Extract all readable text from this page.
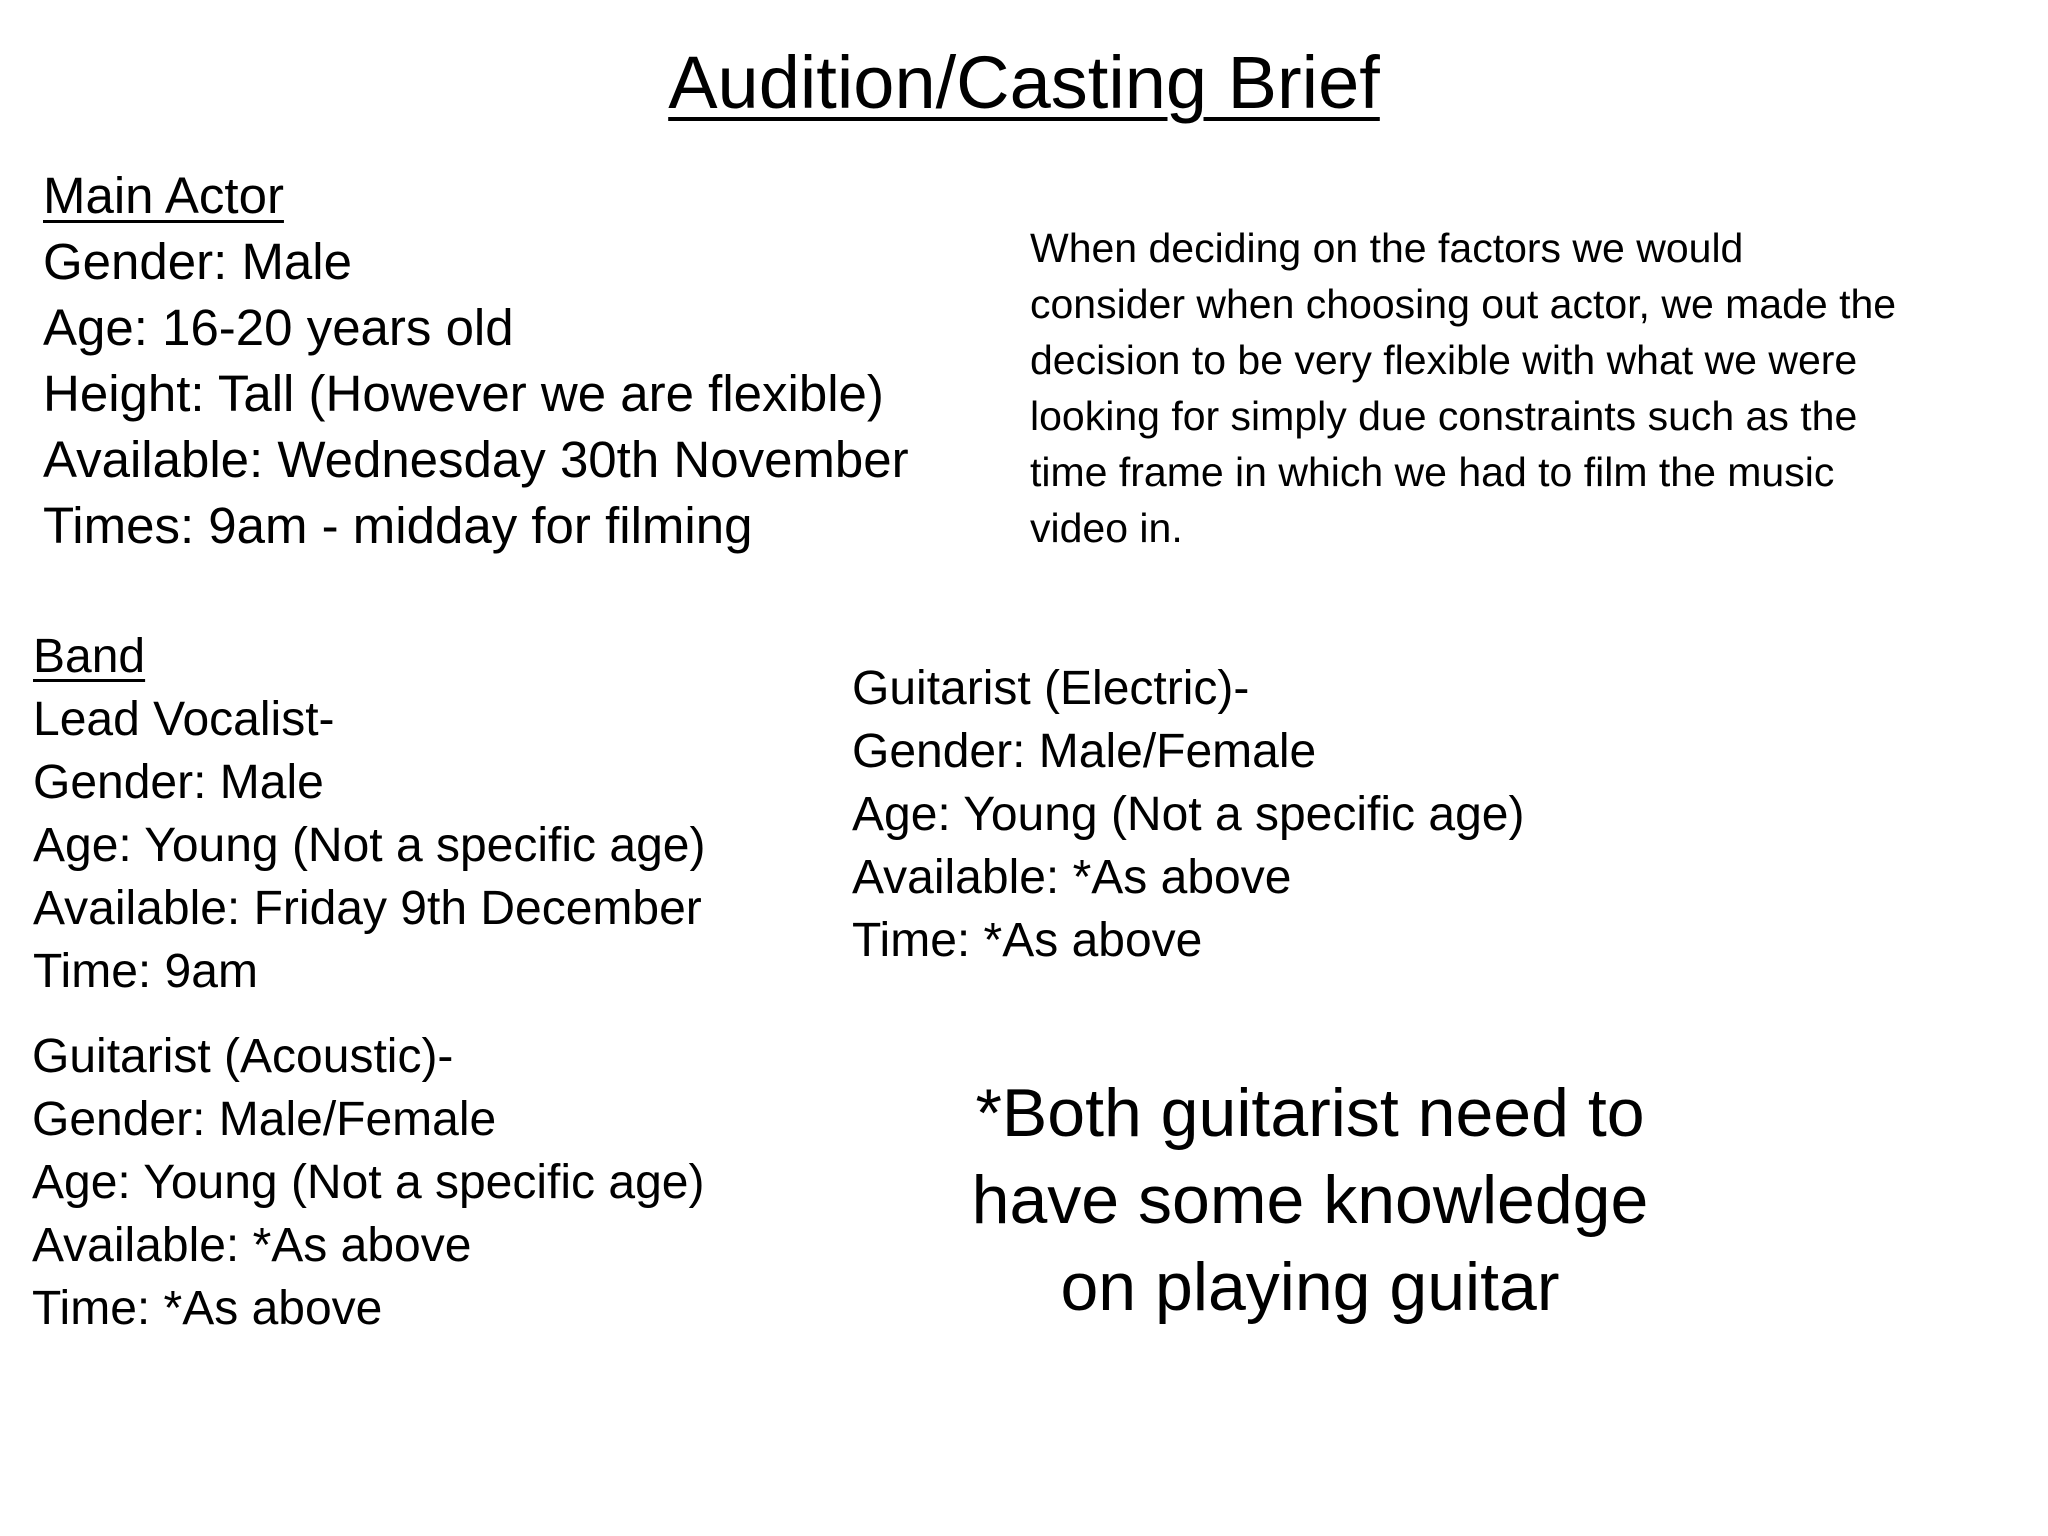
Audition/Casting Brief
Main Actor
Gender: Male
Age: 16-20 years old
Height: Tall (However we are flexible)
Available: Wednesday 30th November
Times: 9am - midday for filming
When deciding on the factors we would
consider when choosing out actor, we made the
decision to be very flexible with what we were
looking for simply due constraints such as the
time frame in which we had to film the music
video in.
Band
Lead Vocalist-
Gender: Male
Age: Young (Not a specific age)
Available: Friday 9th December
Time: 9am
Guitarist (Electric)-
Gender: Male/Female
Age: Young (Not a specific age)
Available: *As above
Time: *As above
Guitarist (Acoustic)-
Gender: Male/Female
Age: Young (Not a specific age)
Available: *As above
Time: *As above
*Both guitarist need to
have some knowledge
on playing guitar
